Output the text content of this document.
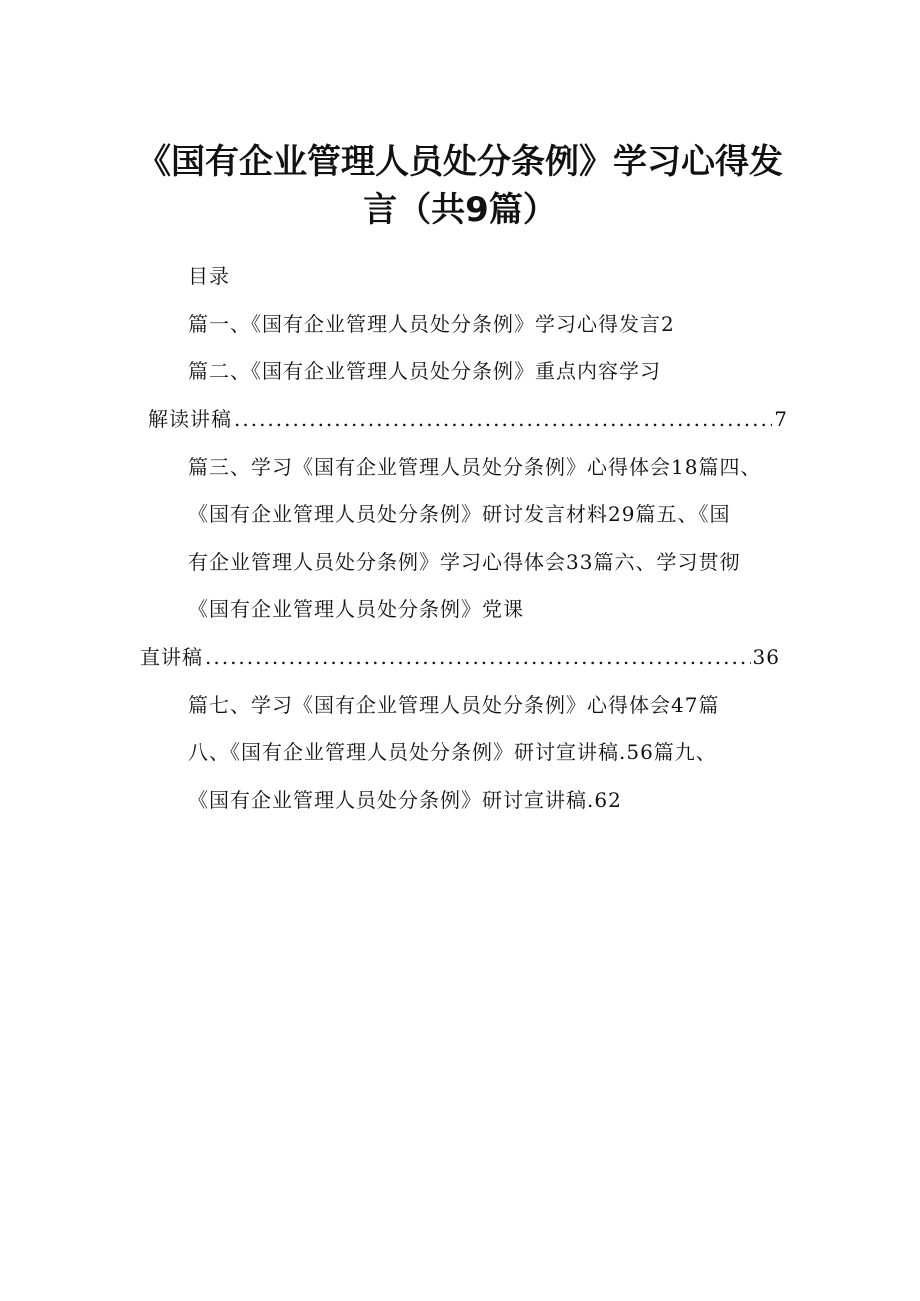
《国有企业管理人员处分条例》学习心得发
言（共9篇）
目录
篇一、《国有企业管理人员处分条例》学习心得发言2
篇二、《国有企业管理人员处分条例》重点内容学习
解读讲稿 .....	7
篇三、学习《国有企业管理人员处分条例》心得体会18篇四、
《国有企业管理人员处分条例》研讨发言材料29篇五、《国
有企业管理人员处分条例》学习心得体会33篇六、学习贯彻
《国有企业管理人员处分条例》党课
直讲稿 .....	36
篇七、学习《国有企业管理人员处分条例》心得体会47篇
八、《国有企业管理人员处分条例》研讨宣讲稿.56篇九、
《国有企业管理人员处分条例》研讨宣讲稿.62
